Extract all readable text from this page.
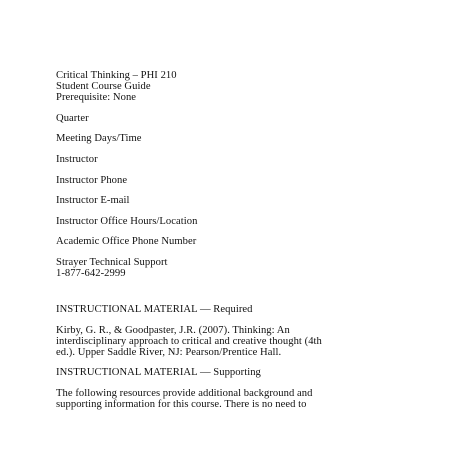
Critical Thinking – PHI 210
Student Course Guide
Prerequisite: None
Quarter
Meeting Days/Time
Instructor
Instructor Phone
Instructor E-mail
Instructor Office Hours/Location
Academic Office Phone Number
Strayer Technical Support
1-877-642-2999
INSTRUCTIONAL MATERIAL — Required
Kirby, G. R., & Goodpaster, J.R. (2007). Thinking: An
interdisciplinary approach to critical and creative thought (4th
ed.). Upper Saddle River, NJ: Pearson/Prentice Hall.
INSTRUCTIONAL MATERIAL — Supporting
The following resources provide additional background and
supporting information for this course. There is no need to
